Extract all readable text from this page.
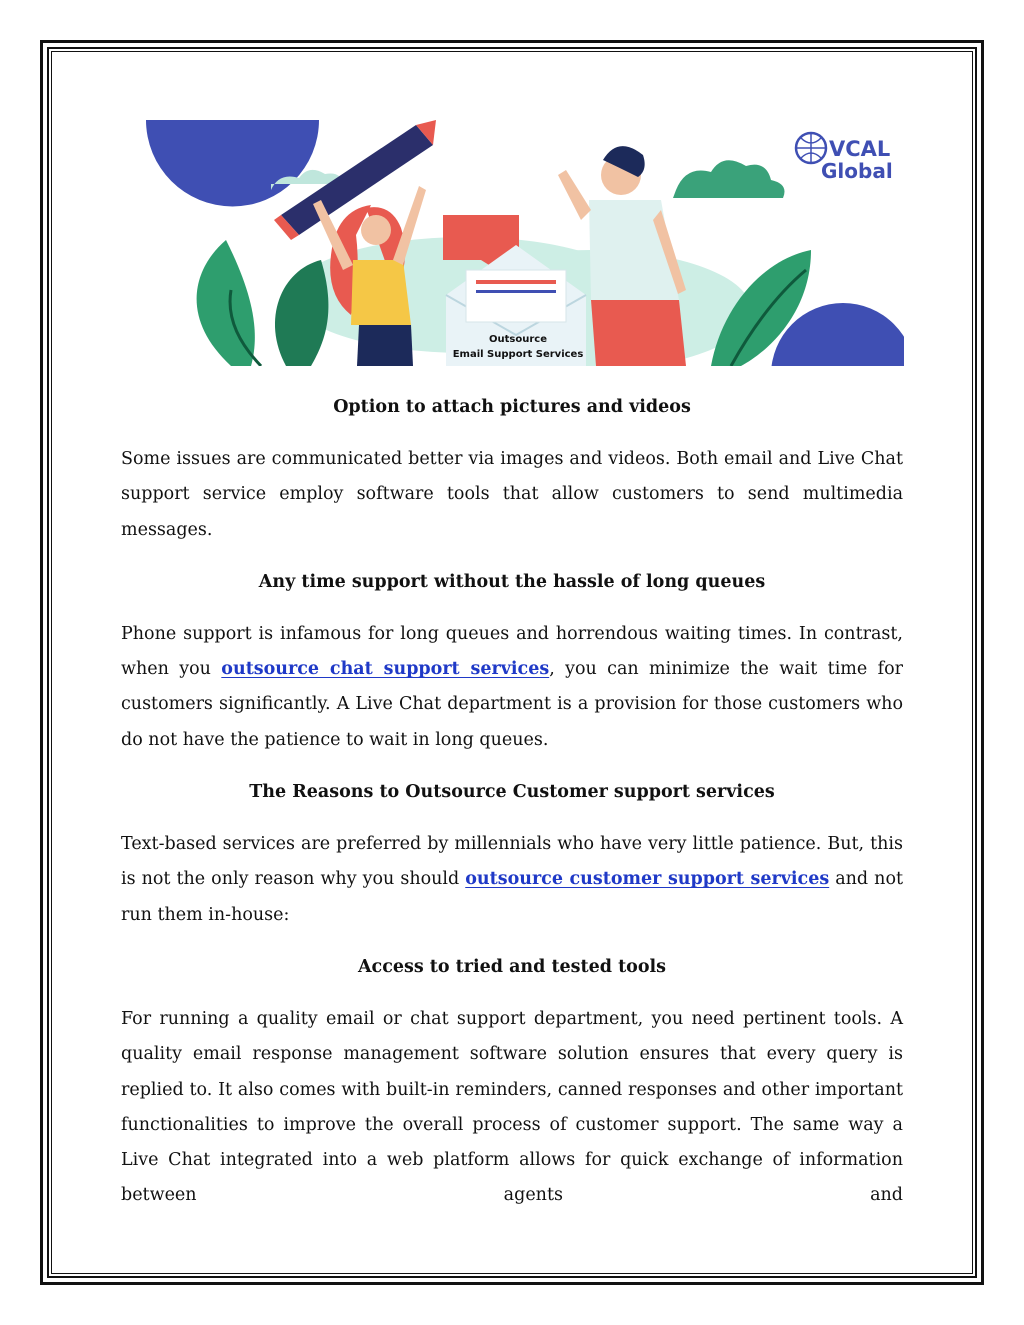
Outsource
Email Support Services
VCAL
Global
Option to attach pictures and videos
Some issues are communicated better via images and videos. Both email and Live Chat support service employ software tools that allow customers to send multimedia messages.
Any time support without the hassle of long queues
Phone support is infamous for long queues and horrendous waiting times. In contrast, when you outsource chat support services, you can minimize the wait time for customers significantly. A Live Chat department is a provision for those customers who do not have the patience to wait in long queues.
The Reasons to Outsource Customer support services
Text-based services are preferred by millennials who have very little patience. But, this is not the only reason why you should outsource customer support services and not run them in-house:
Access to tried and tested tools
For running a quality email or chat support department, you need pertinent tools. A quality email response management software solution ensures that every query is replied to. It also comes with built-in reminders, canned responses and other important functionalities to improve the overall process of customer support. The same way a Live Chat integrated into a web platform allows for quick exchange of information between agents and
